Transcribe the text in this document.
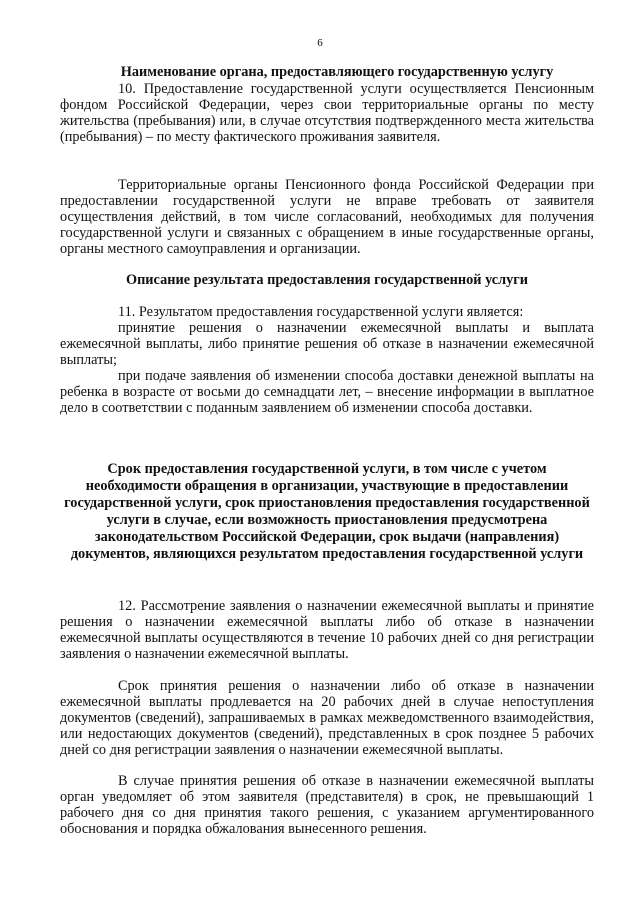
6
Наименование органа, предоставляющего государственную услугу

10. Предоставление государственной услуги осуществляется Пенсионным фондом Российской Федерации, через свои территориальные органы по месту жительства (пребывания) или, в случае отсутствия подтвержденного места жительства (пребывания) – по месту фактического проживания заявителя.

Территориальные органы Пенсионного фонда Российской Федерации при предоставлении государственной услуги не вправе требовать от заявителя осуществления действий, в том числе согласований, необходимых для получения государственной услуги и связанных с обращением в иные государственные органы, органы местного самоуправления и организации.

Описание результата предоставления государственной услуги

11. Результатом предоставления государственной услуги является:

принятие решения о назначении ежемесячной выплаты и выплата ежемесячной выплаты, либо принятие решения об отказе в назначении ежемесячной выплаты;

при подаче заявления об изменении способа доставки денежной выплаты на ребенка в возрасте от восьми до семнадцати лет, – внесение информации в выплатное дело в соответствии с поданным заявлением об изменении способа доставки.

Срок предоставления государственной услуги, в том числе с учетом необходимости обращения в организации, участвующие в предоставлении государственной услуги, срок приостановления предоставления государственной услуги в случае, если возможность приостановления предусмотрена законодательством Российской Федерации, срок выдачи (направления) документов, являющихся результатом предоставления государственной услуги

12. Рассмотрение заявления о назначении ежемесячной выплаты и принятие решения о назначении ежемесячной выплаты либо об отказе в назначении ежемесячной выплаты осуществляются в течение 10 рабочих дней со дня регистрации заявления о назначении ежемесячной выплаты.

Срок принятия решения о назначении либо об отказе в назначении ежемесячной выплаты продлевается на 20 рабочих дней в случае непоступления документов (сведений), запрашиваемых в рамках межведомственного взаимодействия, или недостающих документов (сведений), представленных в срок позднее 5 рабочих дней со дня регистрации заявления о назначении ежемесячной выплаты.

В случае принятия решения об отказе в назначении ежемесячной выплаты орган уведомляет об этом заявителя (представителя) в срок, не превышающий 1 рабочего дня со дня принятия такого решения, с указанием аргументированного обоснования и порядка обжалования вынесенного решения.
